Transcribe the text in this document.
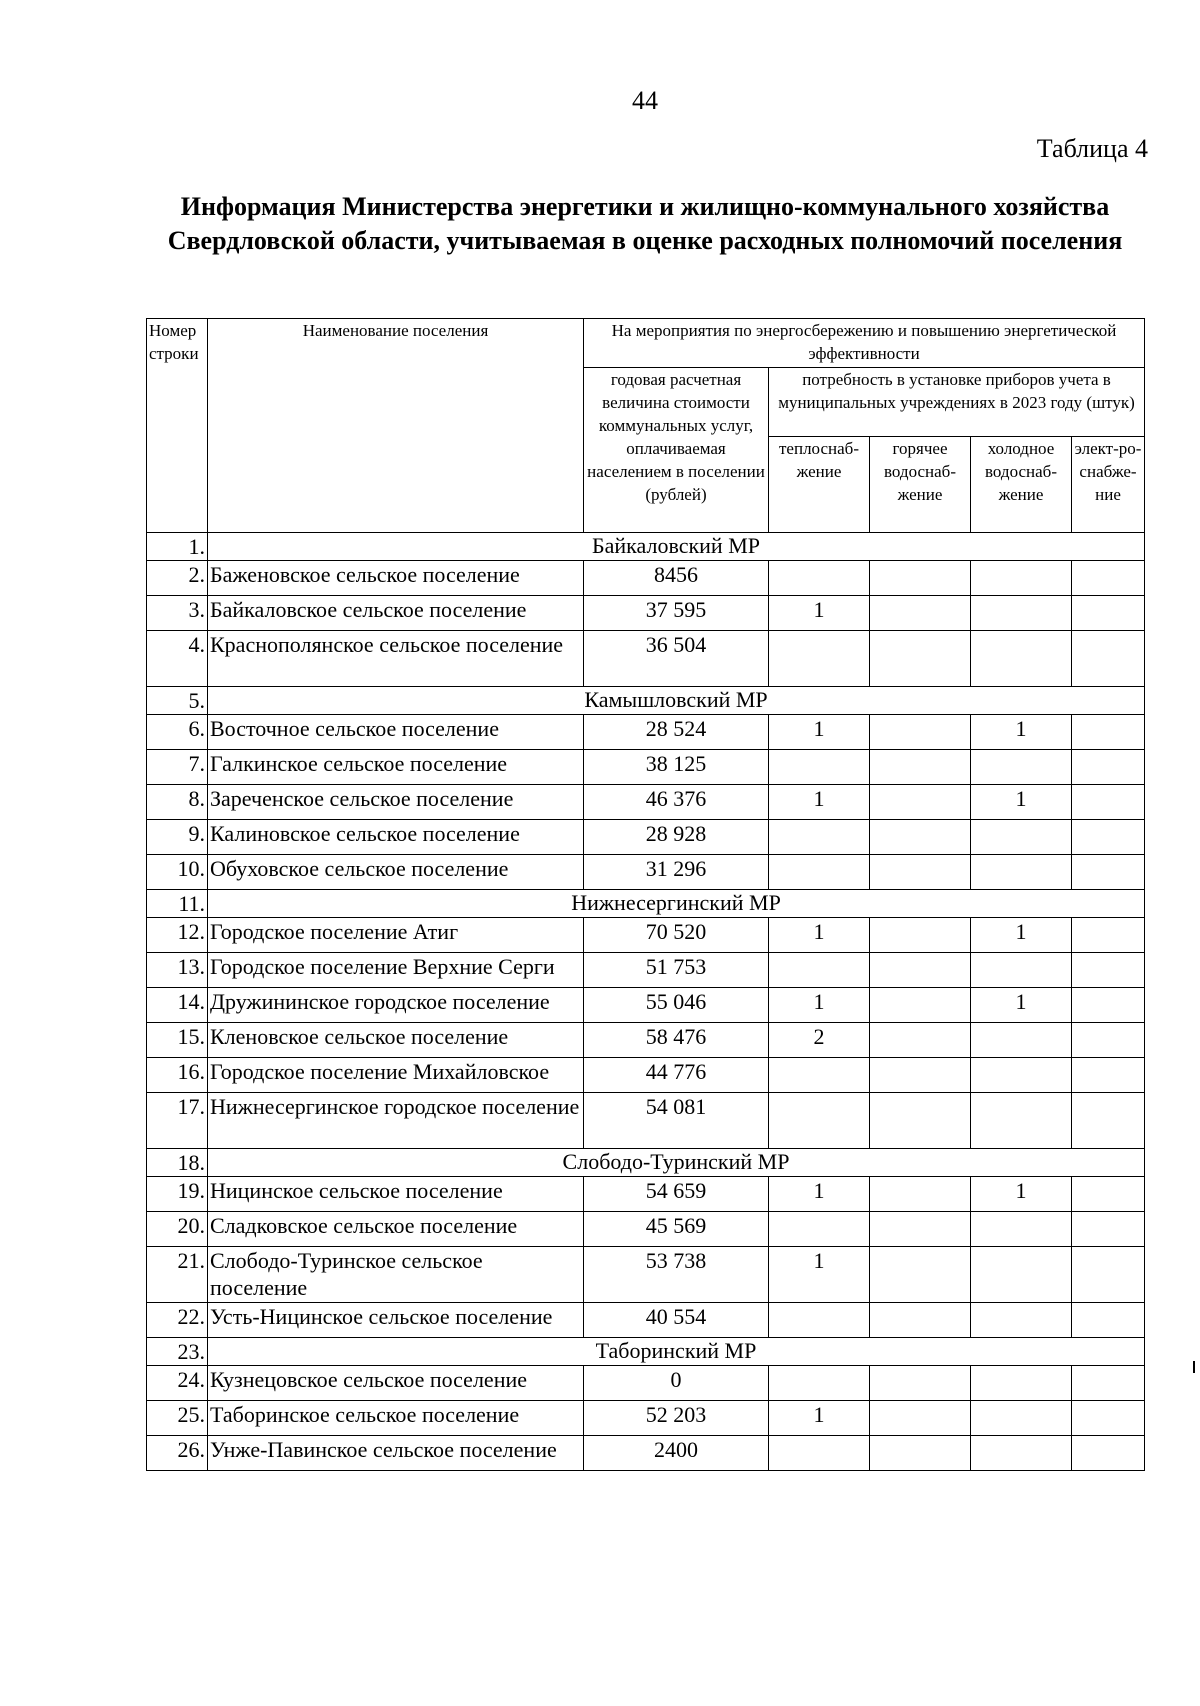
44
Таблица 4
Информация Министерства энергетики и жилищно-коммунального хозяйства Свердловской области, учитываемая в оценке расходных полномочий поселения
Номер строки	Наименование поселения	На мероприятия по энергосбережению и повышению энергетической эффективности				
		годовая расчетная величина стоимости коммунальных услуг, оплачиваемая населением в поселении (рублей)	потребность в установке приборов учета в муниципальных учреждениях в 2023 году (штук)			
			теплоснаб-жение	горячее водоснаб-жение	холодное водоснаб-жение	элект-ро-снабже-ние
1.	Байкаловский МР					
2.	Баженовское сельское поселение	8456				
3.	Байкаловское сельское поселение	37 595	1			
4.	Краснополянское сельское поселение	36 504				
5.	Камышловский МР					
6.	Восточное сельское поселение	28 524	1		1	
7.	Галкинское сельское поселение	38 125				
8.	Зареченское сельское поселение	46 376	1		1	
9.	Калиновское сельское поселение	28 928				
10.	Обуховское сельское поселение	31 296				
11.	Нижнесергинский МР					
12.	Городское поселение Атиг	70 520	1		1	
13.	Городское поселение Верхние Серги	51 753				
14.	Дружининское городское поселение	55 046	1		1	
15.	Кленовское сельское поселение	58 476	2			
16.	Городское поселение Михайловское	44 776				
17.	Нижнесергинское городское поселение	54 081				
18.	Слободо-Туринский МР					
19.	Ницинское сельское поселение	54 659	1		1	
20.	Сладковское сельское поселение	45 569				
21.	Слободо-Туринское сельское поселение	53 738	1			
22.	Усть-Ницинское сельское поселение	40 554				
23.	Таборинский МР					
24.	Кузнецовское сельское поселение	0				
25.	Таборинское сельское поселение	52 203	1			
26.	Унже-Павинское сельское поселение	2400				
